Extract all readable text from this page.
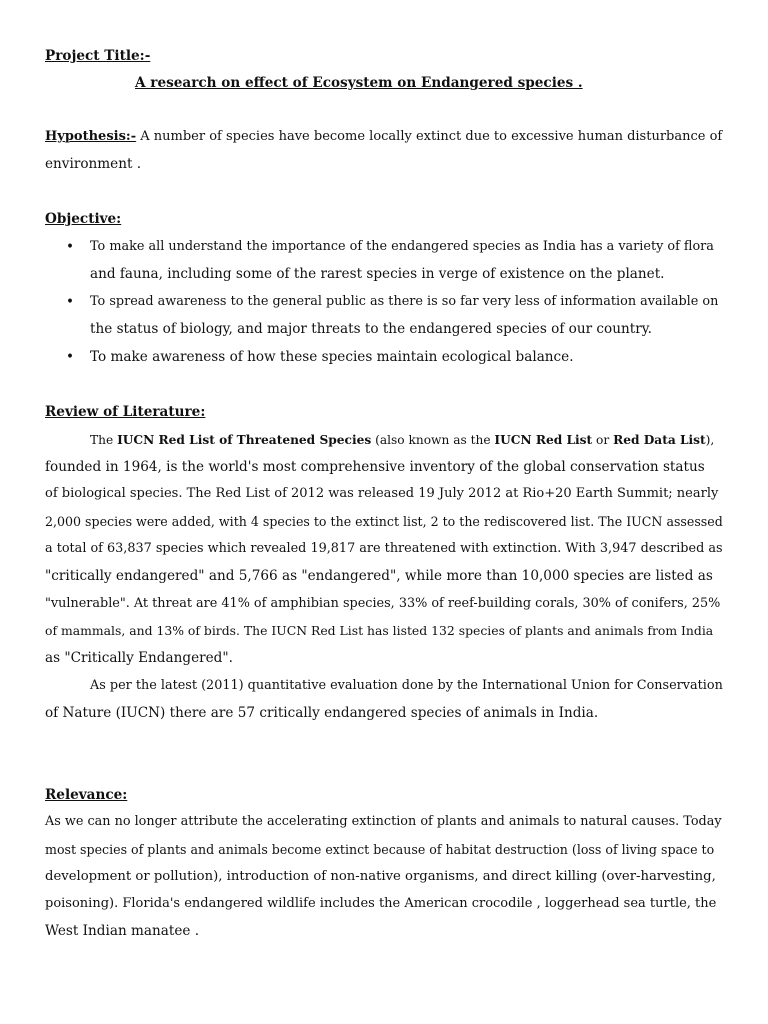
Project Title:-
A research on effect of Ecosystem on Endangered species .
Hypothesis:- A number of species have become locally extinct due to excessive human disturbance of
environment .
Objective:
• To make all understand the importance of the endangered species as India has a variety of flora
and fauna, including some of the rarest species in verge of existence on the planet.
• To spread awareness to the general public as there is so far very less of information available on
the status of biology, and major threats to the endangered species of our country.
• To make awareness of how these species maintain ecological balance.
Review of Literature:
The IUCN Red List of Threatened Species (also known as the IUCN Red List or Red Data List),
founded in 1964, is the world's most comprehensive inventory of the global conservation status
of biological species. The Red List of 2012 was released 19 July 2012 at Rio+20 Earth Summit; nearly
2,000 species were added, with 4 species to the extinct list, 2 to the rediscovered list. The IUCN assessed
a total of 63,837 species which revealed 19,817 are threatened with extinction. With 3,947 described as
"critically endangered" and 5,766 as "endangered", while more than 10,000 species are listed as
"vulnerable". At threat are 41% of amphibian species, 33% of reef-building corals, 30% of conifers, 25%
of mammals, and 13% of birds. The IUCN Red List has listed 132 species of plants and animals from India
as "Critically Endangered".
As per the latest (2011) quantitative evaluation done by the International Union for Conservation
of Nature (IUCN) there are 57 critically endangered species of animals in India.
Relevance:
As we can no longer attribute the accelerating extinction of plants and animals to natural causes. Today
most species of plants and animals become extinct because of habitat destruction (loss of living space to
development or pollution), introduction of non-native organisms, and direct killing (over-harvesting,
poisoning). Florida's endangered wildlife includes the American crocodile , loggerhead sea turtle, the
West Indian manatee .
